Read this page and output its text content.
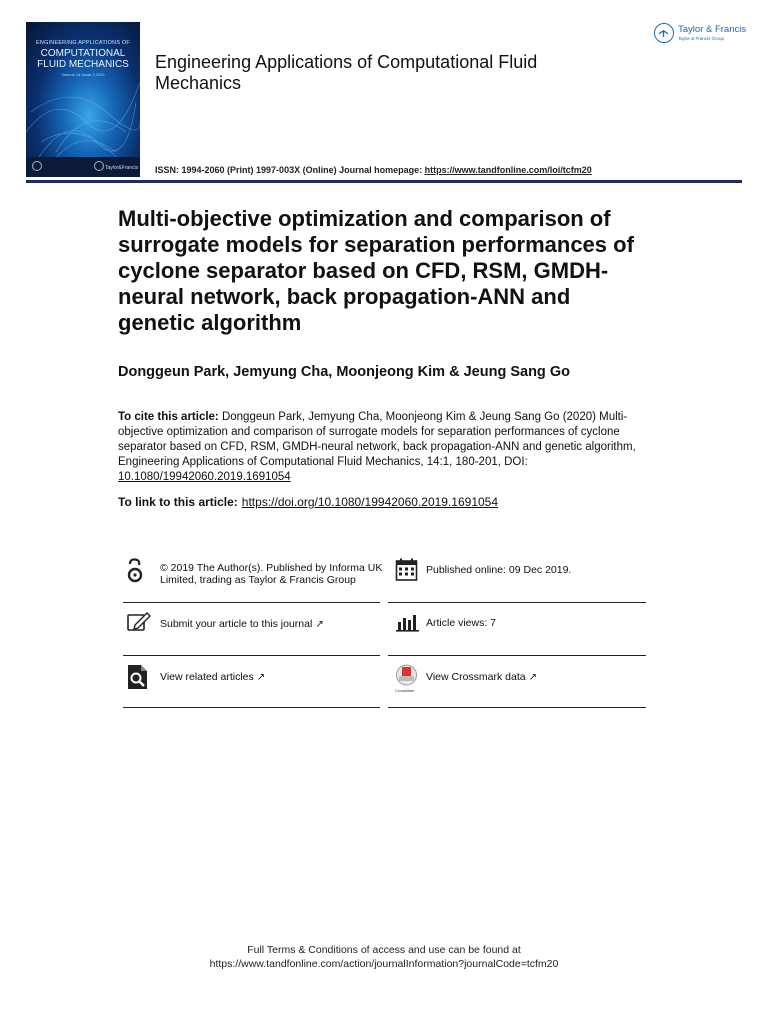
ENGINEERING APPLICATIONS OF
COMPUTATIONAL
FLUID MECHANICS
Volume 14 Issue 1 2020
Taylor&Francis
Engineering Applications of Computational Fluid Mechanics
Taylor & Francis
Taylor & Francis Group
ISSN: 1994-2060 (Print) 1997-003X (Online) Journal homepage: https://www.tandfonline.com/loi/tcfm20
Multi-objective optimization and comparison of surrogate models for separation performances of cyclone separator based on CFD, RSM, GMDH-neural network, back propagation-ANN and genetic algorithm
Donggeun Park, Jemyung Cha, Moonjeong Kim & Jeung Sang Go
To cite this article: Donggeun Park, Jemyung Cha, Moonjeong Kim & Jeung Sang Go (2020) Multi-objective optimization and comparison of surrogate models for separation performances of cyclone separator based on CFD, RSM, GMDH-neural network, back propagation-ANN and genetic algorithm, Engineering Applications of Computational Fluid Mechanics, 14:1, 180-201, DOI: 10.1080/19942060.2019.1691054
To link to this article: https://doi.org/10.1080/19942060.2019.1691054
© 2019 The Author(s). Published by Informa UK Limited, trading as Taylor & Francis Group
Published online: 09 Dec 2019.
Submit your article to this journal ↗	Article views: 7
View related articles ↗
CrossMark
View Crossmark data ↗
Full Terms & Conditions of access and use can be found at
https://www.tandfonline.com/action/journalInformation?journalCode=tcfm20
